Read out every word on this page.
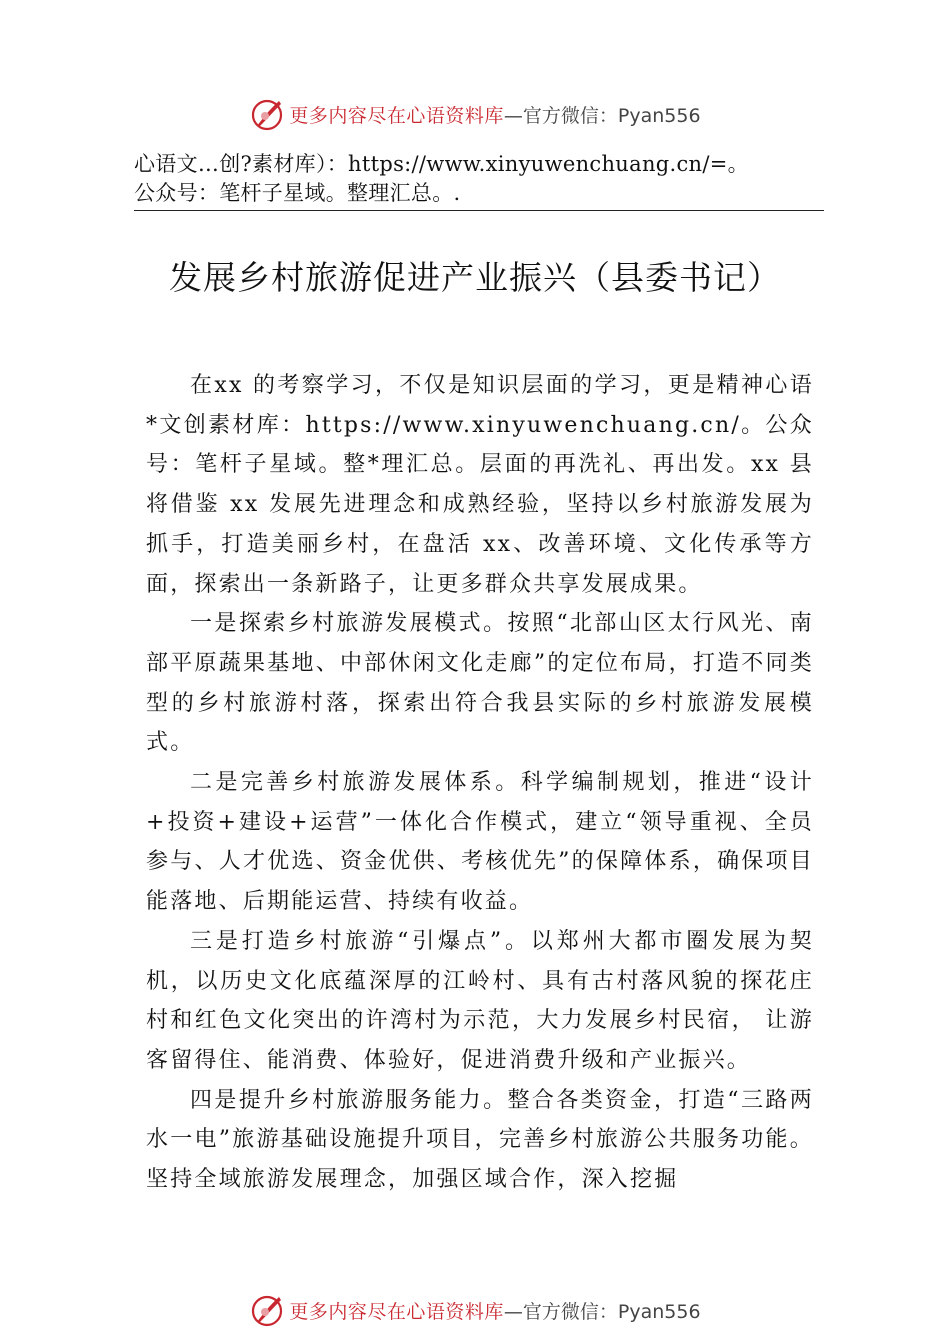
更多内容尽在心语资料库 —官方微信：Pyan556
心语文…创?素材库）：https://www.xinyuwenchuang.cn/=。
公众号：笔杆子星域。整理汇总。.
发展乡村旅游促进产业振兴（县委书记）

在xx 的考察学习，不仅是知识层面的学习，更是精神心语*文创素材库：https://www.xinyuwenchuang.cn/。公众号：笔杆子星域。整*理汇总。层面的再洗礼、再出发。xx 县将借鉴 xx 发展先进理念和成熟经验，坚持以乡村旅游发展为抓手，打造美丽乡村，在盘活 xx、改善环境、文化传承等方面，探索出一条新路子，让更多群众共享发展成果。

一是探索乡村旅游发展模式。按照“北部山区太行风光、南部平原蔬果基地、中部休闲文化走廊”的定位布局，打造不同类型的乡村旅游村落，探索出符合我县实际的乡村旅游发展模式。

二是完善乡村旅游发展体系。科学编制规划，推进“设计+投资+建设+运营”一体化合作模式，建立“领导重视、全员参与、人才优选、资金优供、考核优先”的保障体系，确保项目能落地、后期能运营、持续有收益。

三是打造乡村旅游“引爆点”。以郑州大都市圈发展为契机，以历史文化底蕴深厚的江岭村、具有古村落风貌的探花庄村和红色文化突出的许湾村为示范，大力发展乡村民宿， 让游客留得住、能消费、体验好，促进消费升级和产业振兴。

四是提升乡村旅游服务能力。整合各类资金，打造“三路两水一电”旅游基础设施提升项目，完善乡村旅游公共服务功能。坚持全域旅游发展理念，加强区域合作，深入挖掘

更多内容尽在心语资料库 —官方微信：Pyan556
